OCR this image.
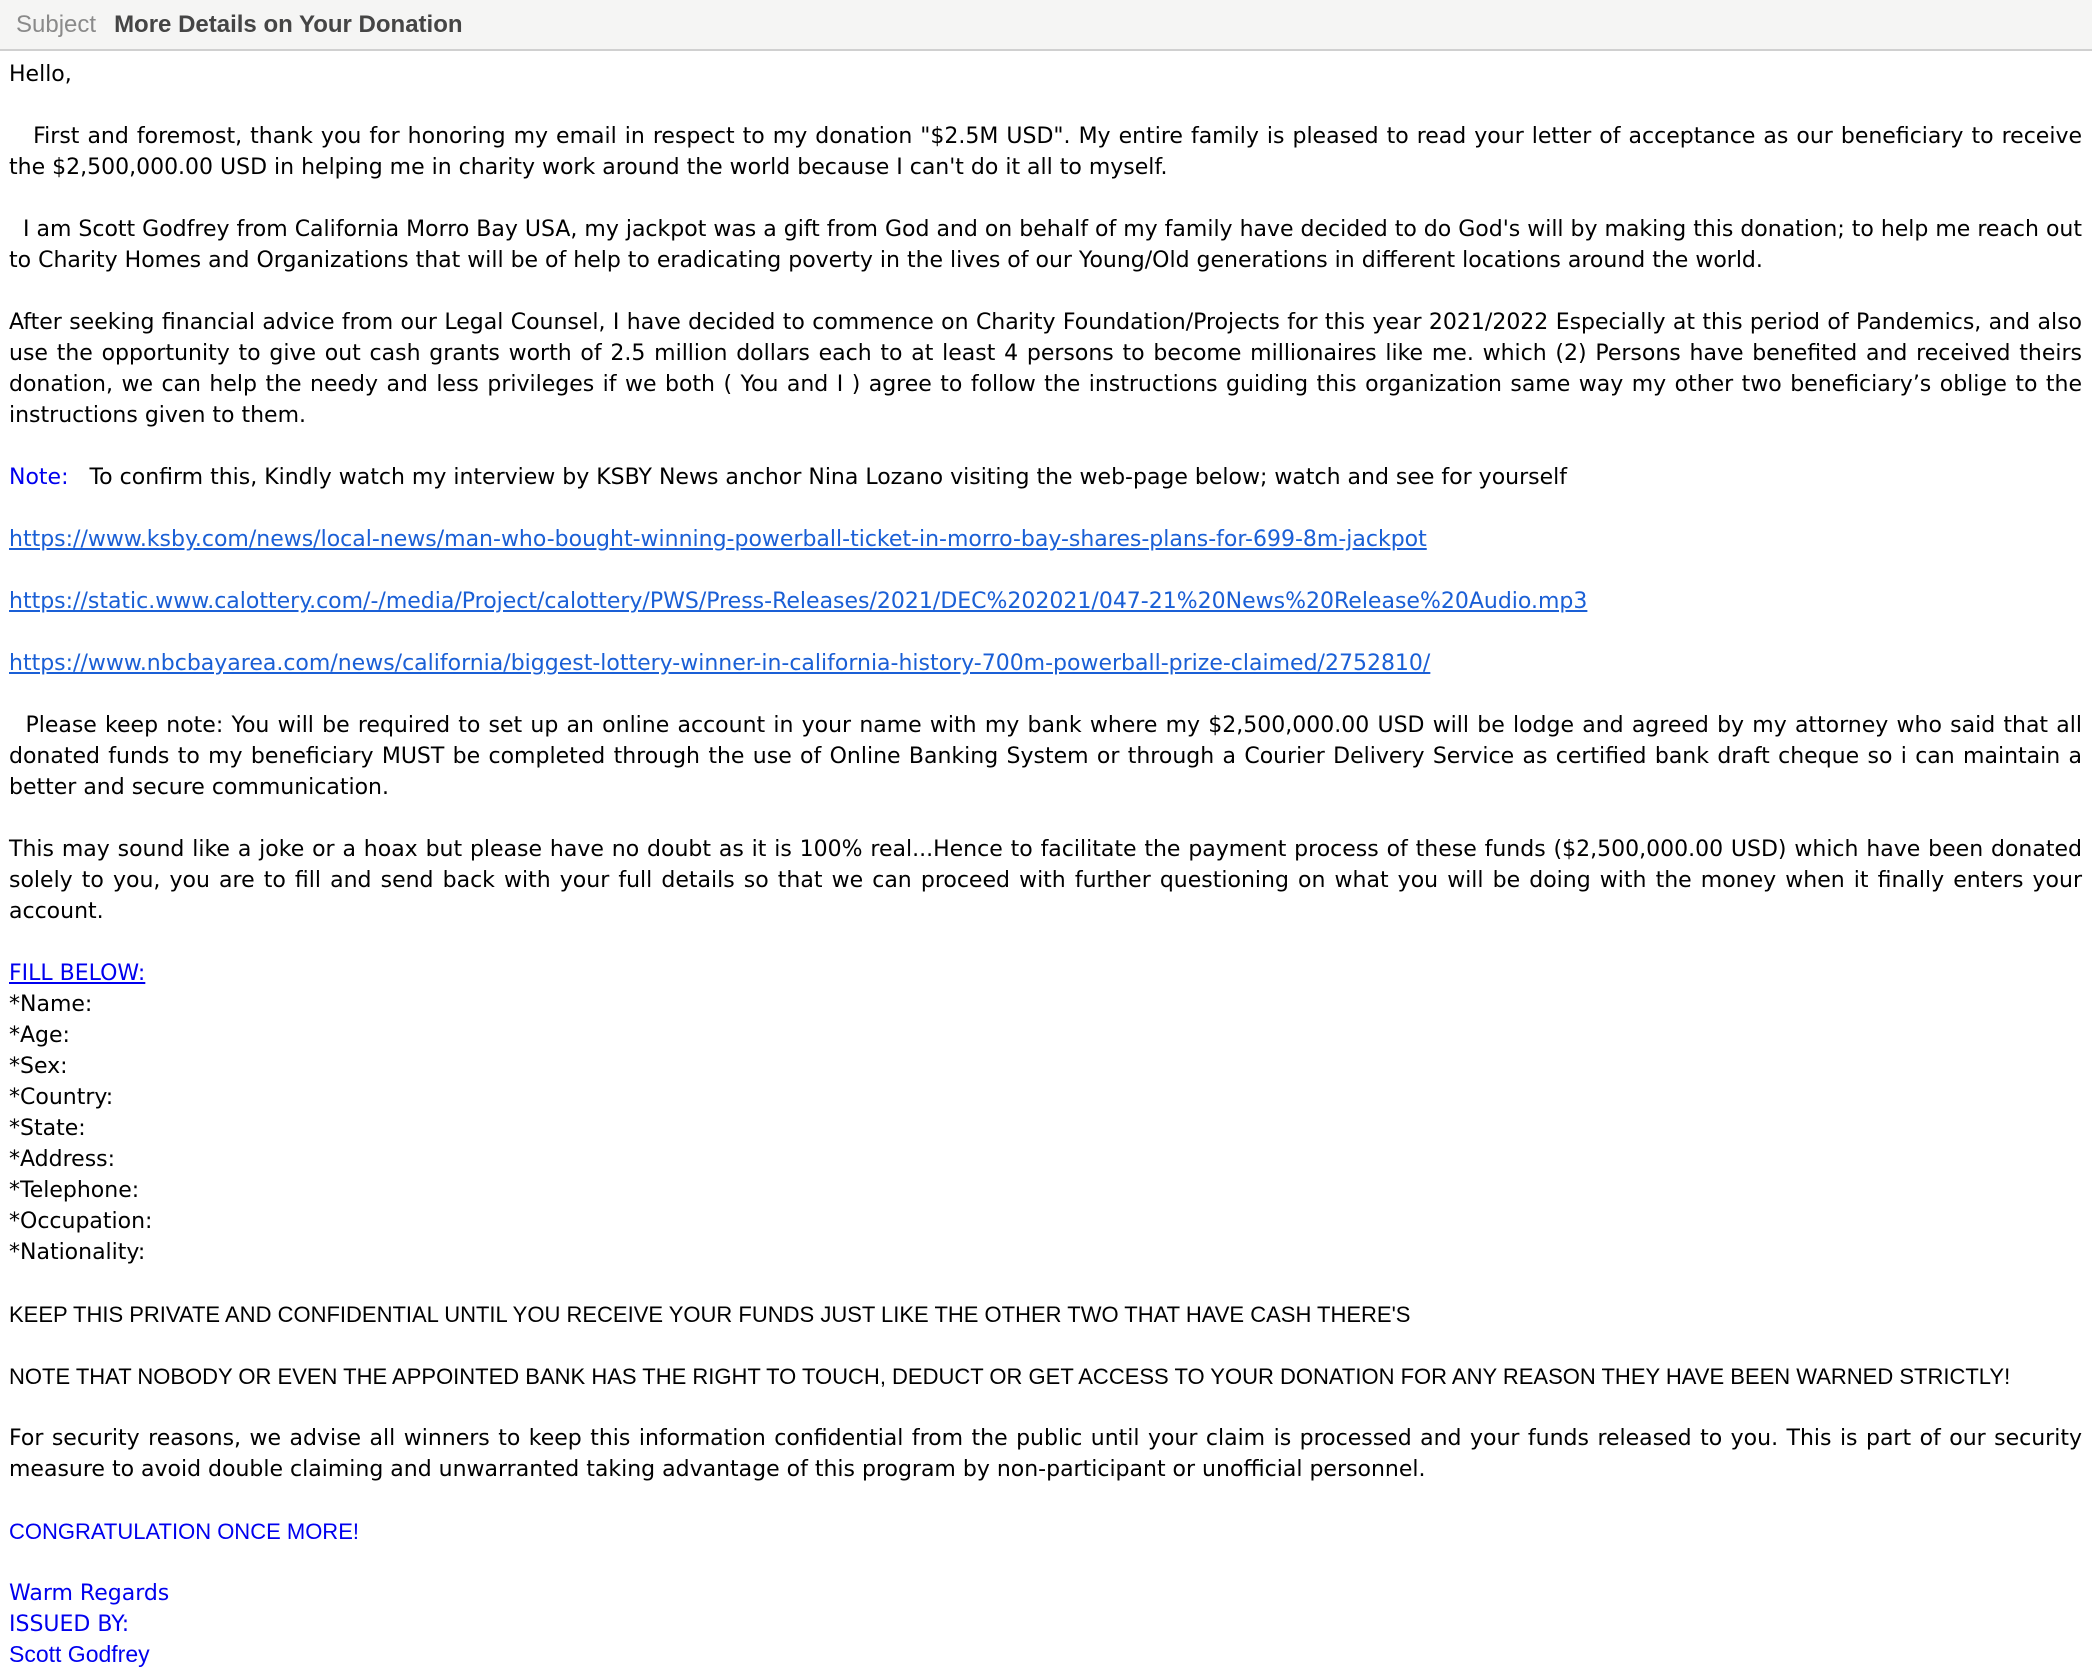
Subject More Details on Your Donation

Hello,

First and foremost, thank you for honoring my email in respect to my donation "$2.5M USD". My entire family is pleased to read your letter of acceptance as our beneficiary to receive the $2,500,000.00 USD in helping me in charity work around the world because I can't do it all to myself.

I am Scott Godfrey from California Morro Bay USA, my jackpot was a gift from God and on behalf of my family have decided to do God's will by making this donation; to help me reach out to Charity Homes and Organizations that will be of help to eradicating poverty in the lives of our Young/Old generations in different locations around the world.

After seeking financial advice from our Legal Counsel, I have decided to commence on Charity Foundation/Projects for this year 2021/2022 Especially at this period of Pandemics, and also use the opportunity to give out cash grants worth of 2.5 million dollars each to at least 4 persons to become millionaires like me. which (2) Persons have benefited and received theirs donation, we can help the needy and less privileges if we both ( You and I ) agree to follow the instructions guiding this organization same way my other two beneficiary’s oblige to the instructions given to them.

Note:   To confirm this, Kindly watch my interview by KSBY News anchor Nina Lozano visiting the web-page below; watch and see for yourself

https://www.ksby.com/news/local-news/man-who-bought-winning-powerball-ticket-in-morro-bay-shares-plans-for-699-8m-jackpot

https://static.www.calottery.com/-/media/Project/calottery/PWS/Press-Releases/2021/DEC%202021/047-21%20News%20Release%20Audio.mp3

https://www.nbcbayarea.com/news/california/biggest-lottery-winner-in-california-history-700m-powerball-prize-claimed/2752810/

Please keep note: You will be required to set up an online account in your name with my bank where my $2,500,000.00 USD will be lodge and agreed by my attorney who said that all donated funds to my beneficiary MUST be completed through the use of Online Banking System or through a Courier Delivery Service as certified bank draft cheque so i can maintain a better and secure communication.

This may sound like a joke or a hoax but please have no doubt as it is 100% real...Hence to facilitate the payment process of these funds ($2,500,000.00 USD) which have been donated solely to you, you are to fill and send back with your full details so that we can proceed with further questioning on what you will be doing with the money when it finally enters your account.

FILL BELOW:
*Name:
*Age:
*Sex:
*Country:
*State:
*Address:
*Telephone:
*Occupation:
*Nationality:

KEEP THIS PRIVATE AND CONFIDENTIAL UNTIL YOU RECEIVE YOUR FUNDS JUST LIKE THE OTHER TWO THAT HAVE CASH THERE'S

NOTE THAT NOBODY OR EVEN THE APPOINTED BANK HAS THE RIGHT TO TOUCH, DEDUCT OR GET ACCESS TO YOUR DONATION FOR ANY REASON THEY HAVE BEEN WARNED STRICTLY!

For security reasons, we advise all winners to keep this information confidential from the public until your claim is processed and your funds released to you. This is part of our security measure to avoid double claiming and unwarranted taking advantage of this program by non-participant or unofficial personnel.

CONGRATULATION ONCE MORE!

Warm Regards
ISSUED BY:
Scott Godfrey
